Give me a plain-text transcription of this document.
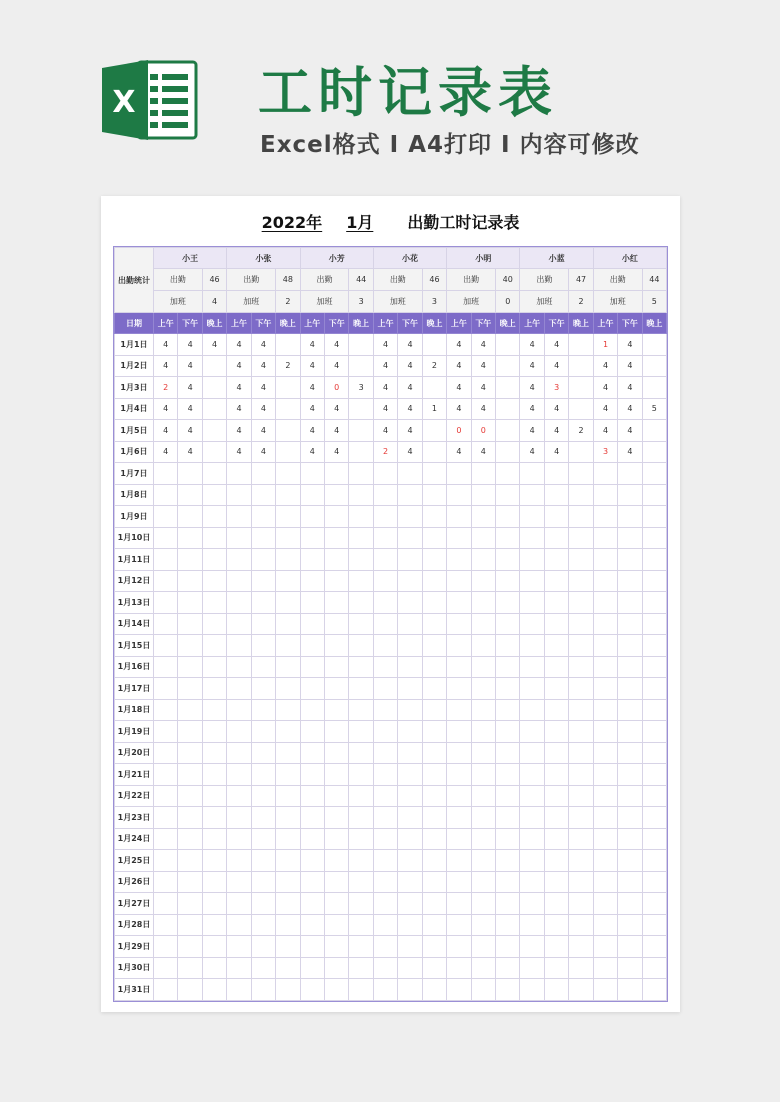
X 工时记录表
Excel格式 I A4打印 I 内容可修改
2022年 1月 出勤工时记录表
出勤统计	小王			小张			小芳			小花			小明			小蓝			小红		
	出勤		46	出勤		48	出勤		44	出勤		46	出勤		40	出勤		47	出勤		44
	加班		4	加班		2	加班		3	加班		3	加班		0	加班		2	加班		5
日期	上午	下午	晚上	上午	下午	晚上	上午	下午	晚上	上午	下午	晚上	上午	下午	晚上	上午	下午	晚上	上午	下午	晚上
1月1日	4	4	4	4	4		4	4		4	4		4	4		4	4		1	4	
1月2日	4	4		4	4	2	4	4		4	4	2	4	4		4	4		4	4	
1月3日	2	4		4	4		4	0	3	4	4		4	4		4	3		4	4	
1月4日	4	4		4	4		4	4		4	4	1	4	4		4	4		4	4	5
1月5日	4	4		4	4		4	4		4	4		0	0		4	4	2	4	4	
1月6日	4	4		4	4		4	4		2	4		4	4		4	4		3	4	
1月7日																					
1月8日																					
1月9日																					
1月10日																					
1月11日																					
1月12日																					
1月13日																					
1月14日																					
1月15日																					
1月16日																					
1月17日																					
1月18日																					
1月19日																					
1月20日																					
1月21日																					
1月22日																					
1月23日																					
1月24日																					
1月25日																					
1月26日																					
1月27日																					
1月28日																					
1月29日																					
1月30日																					
1月31日																					
